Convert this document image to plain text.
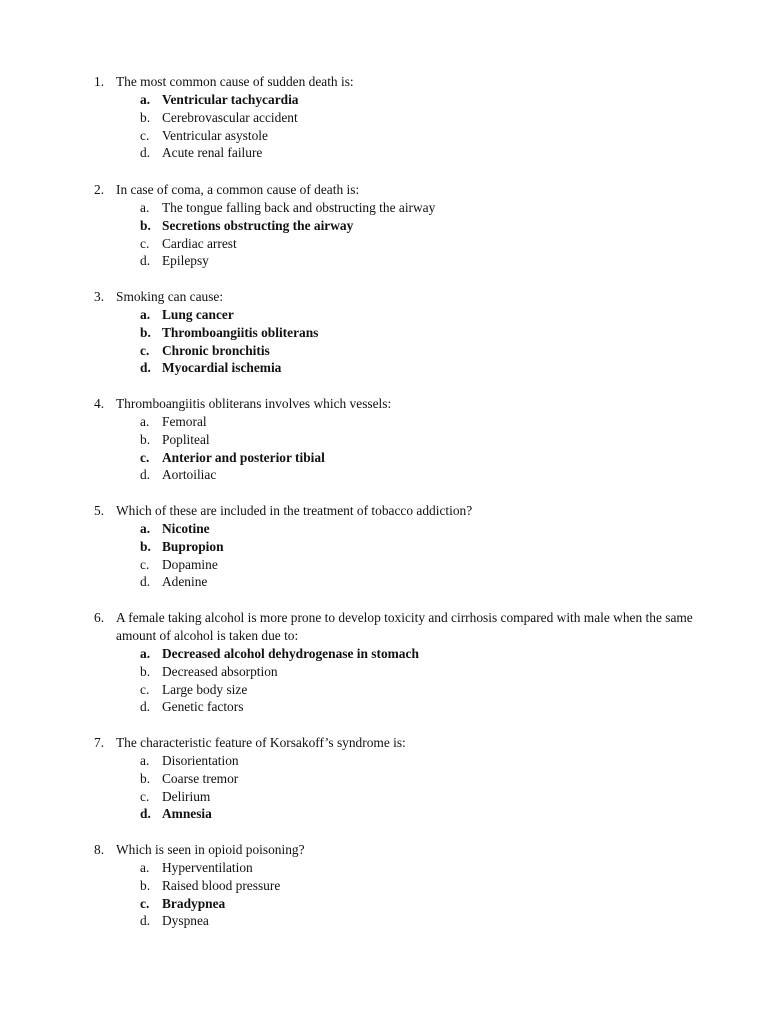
1. The most common cause of sudden death is:
a. Ventricular tachycardia
b. Cerebrovascular accident
c. Ventricular asystole
d. Acute renal failure
2. In case of coma, a common cause of death is:
a. The tongue falling back and obstructing the airway
b. Secretions obstructing the airway
c. Cardiac arrest
d. Epilepsy
3. Smoking can cause:
a. Lung cancer
b. Thromboangiitis obliterans
c. Chronic bronchitis
d. Myocardial ischemia
4. Thromboangiitis obliterans involves which vessels:
a. Femoral
b. Popliteal
c. Anterior and posterior tibial
d. Aortoiliac
5. Which of these are included in the treatment of tobacco addiction?
a. Nicotine
b. Bupropion
c. Dopamine
d. Adenine
6. A female taking alcohol is more prone to develop toxicity and cirrhosis compared with male when the same amount of alcohol is taken due to:
a. Decreased alcohol dehydrogenase in stomach
b. Decreased absorption
c. Large body size
d. Genetic factors
7. The characteristic feature of Korsakoff’s syndrome is:
a. Disorientation
b. Coarse tremor
c. Delirium
d. Amnesia
8. Which is seen in opioid poisoning?
a. Hyperventilation
b. Raised blood pressure
c. Bradypnea
d. Dyspnea
